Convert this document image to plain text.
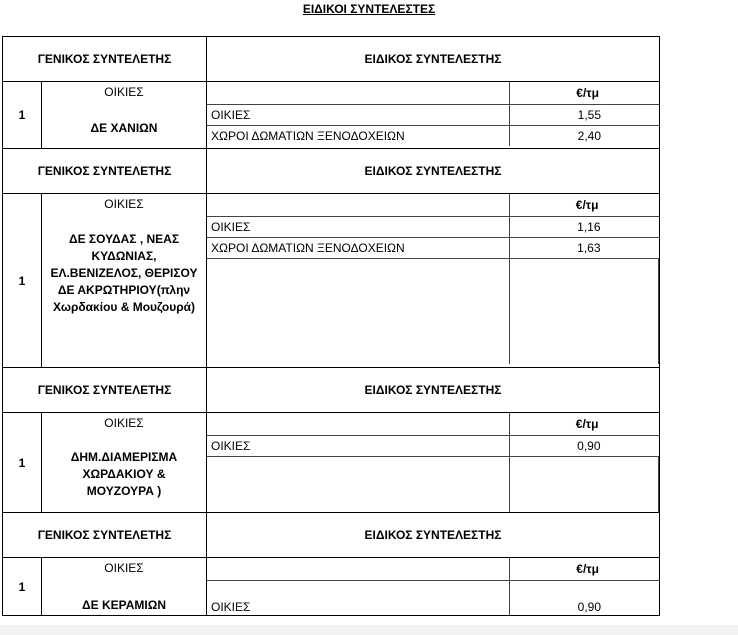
ΕΙΔΙΚΟΙ ΣΥΝΤΕΛΕΣΤΕΣ
ΓΕΝΙΚΟΣ ΣΥΝΤΕΛΕΤΗΣ	ΕΙΔΙΚΟΣ ΣΥΝΤΕΛΕΣΤΗΣ
1	
ΟΙΚΙΕΣ
ΔΕ ΧΑΝΙΩΝ

	€/τμ
ΟΙΚΙΕΣ	1,55
ΧΩΡΟΙ ΔΩΜΑΤΙΩΝ ΞΕΝΟΔΟΧΕΙΩΝ	2,40

ΓΕΝΙΚΟΣ ΣΥΝΤΕΛΕΤΗΣ	ΕΙΔΙΚΟΣ ΣΥΝΤΕΛΕΣΤΗΣ
1	
ΟΙΚΙΕΣ
ΔΕ ΣΟΥΔΑΣ , ΝΕΑΣ ΚΥΔΩΝΙΑΣ, ΕΛ.ΒΕΝΙΖΕΛΟΣ, ΘΕΡΙΣΟΥ ΔΕ ΑΚΡΩΤΗΡΙΟΥ(πλην Χωρδακίου & Μουζουρά)

	€/τμ
ΟΙΚΙΕΣ	1,16
ΧΩΡΟΙ ΔΩΜΑΤΙΩΝ ΞΕΝΟΔΟΧΕΙΩΝ	1,63

ΓΕΝΙΚΟΣ ΣΥΝΤΕΛΕΤΗΣ	ΕΙΔΙΚΟΣ ΣΥΝΤΕΛΕΣΤΗΣ
1	
ΟΙΚΙΕΣ
ΔΗΜ.ΔΙΑΜΕΡΙΣΜΑ ΧΩΡΔΑΚΙΟΥ & ΜΟΥΖΟΥΡΑ )

	€/τμ
ΟΙΚΙΕΣ	0,90

ΓΕΝΙΚΟΣ ΣΥΝΤΕΛΕΤΗΣ	ΕΙΔΙΚΟΣ ΣΥΝΤΕΛΕΣΤΗΣ
1	
ΟΙΚΙΕΣ
ΔΕ ΚΕΡΑΜΙΩΝ

	€/τμ
ΟΙΚΙΕΣ	0,90
